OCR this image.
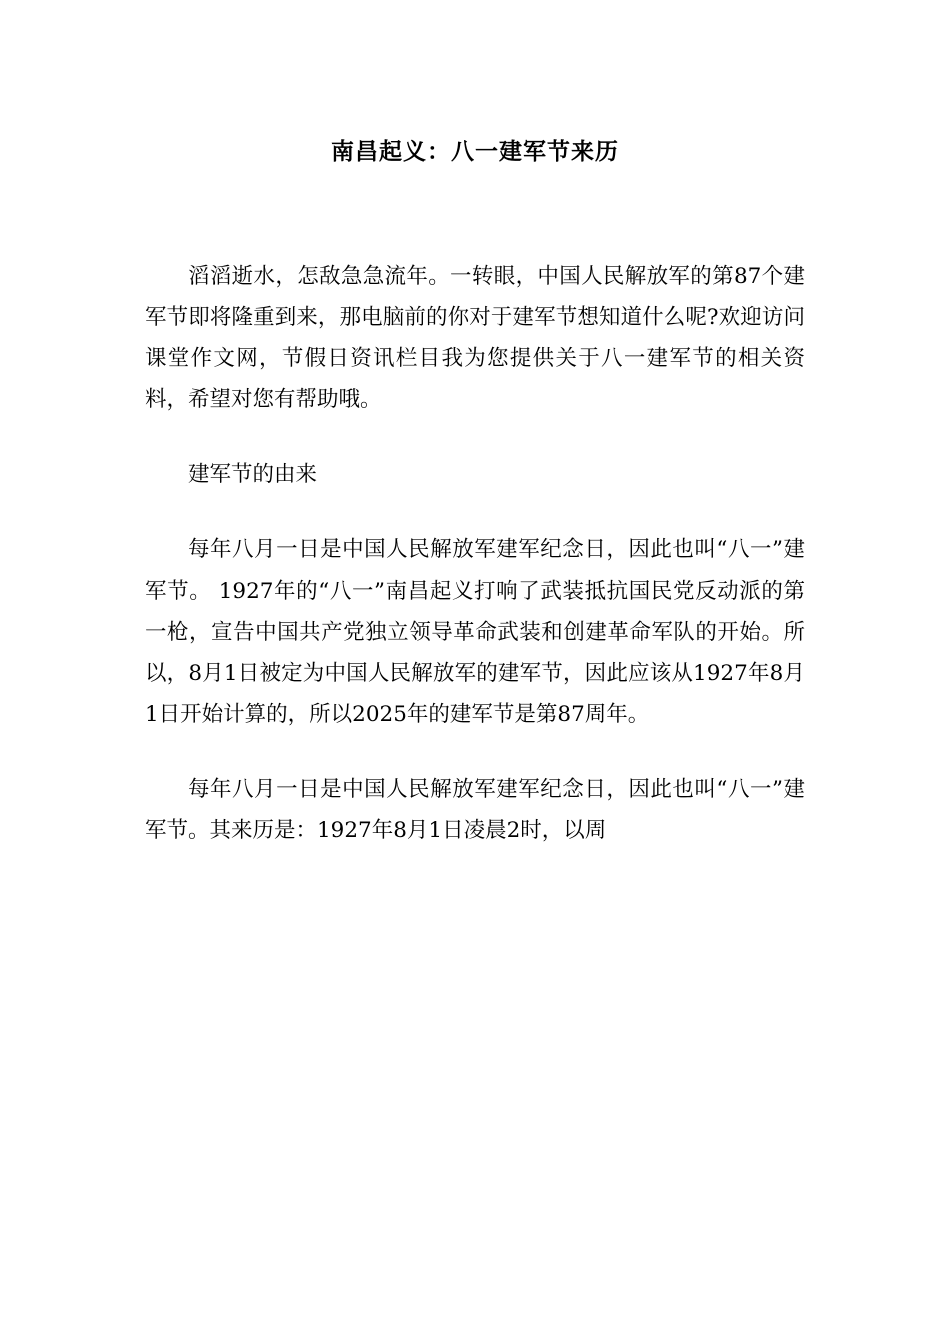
南昌起义：八一建军节来历

滔滔逝水，怎敌急急流年。一转眼，中国人民解放军的第87个建军节即将隆重到来，那电脑前的你对于建军节想知道什么呢?欢迎访问课堂作文网，节假日资讯栏目我为您提供关于八一建军节的相关资料，希望对您有帮助哦。

建军节的由来

每年八月一日是中国人民解放军建军纪念日，因此也叫“八一”建军节。 1927年的“八一”南昌起义打响了武装抵抗国民党反动派的第一枪，宣告中国共产党独立领导革命武装和创建革命军队的开始。所以，8月1日被定为中国人民解放军的建军节，因此应该从1927年8月1日开始计算的，所以2025年的建军节是第87周年。

每年八月一日是中国人民解放军建军纪念日，因此也叫“八一”建军节。其来历是：1927年8月1日凌晨2时，以周
